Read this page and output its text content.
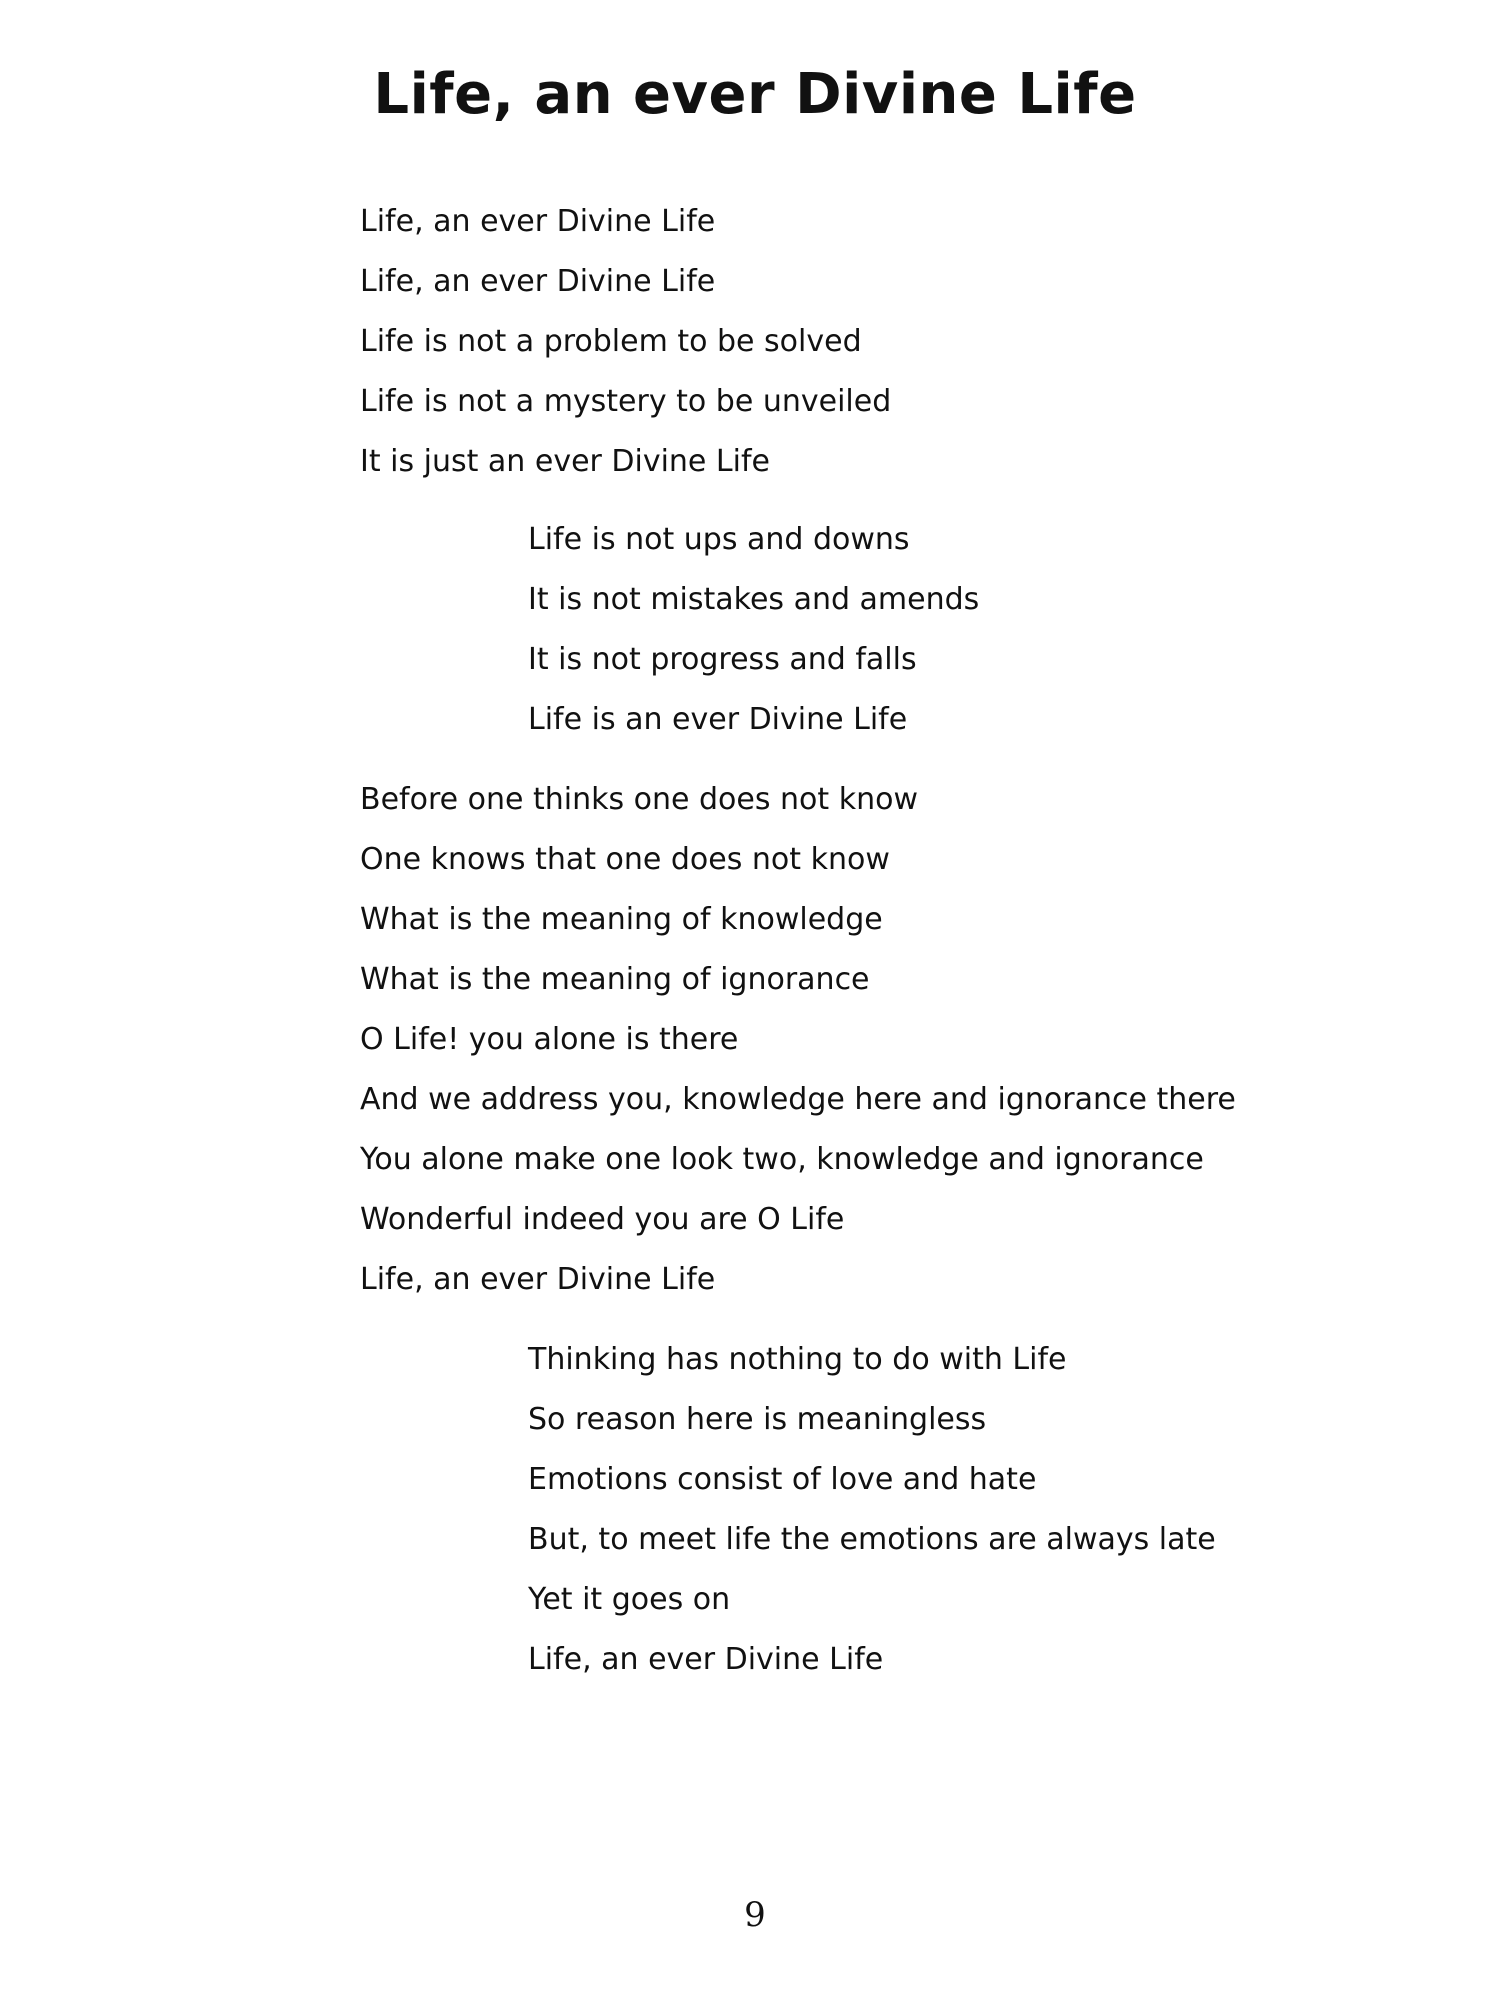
Life, an ever Divine Life
Life, an ever Divine Life
Life, an ever Divine Life
Life is not a problem to be solved
Life is not a mystery to be unveiled
It is just an ever Divine Life
Life is not ups and downs
It is not mistakes and amends
It is not progress and falls
Life is an ever Divine Life
Before one thinks one does not know
One knows that one does not know
What is the meaning of knowledge
What is the meaning of ignorance
O Life! you alone is there
And we address you, knowledge here and ignorance there
You alone make one look two, knowledge and ignorance
Wonderful indeed you are O Life
Life, an ever Divine Life
Thinking has nothing to do with Life
So reason here is meaningless
Emotions consist of love and hate
But, to meet life the emotions are always late
Yet it goes on
Life, an ever Divine Life
9
